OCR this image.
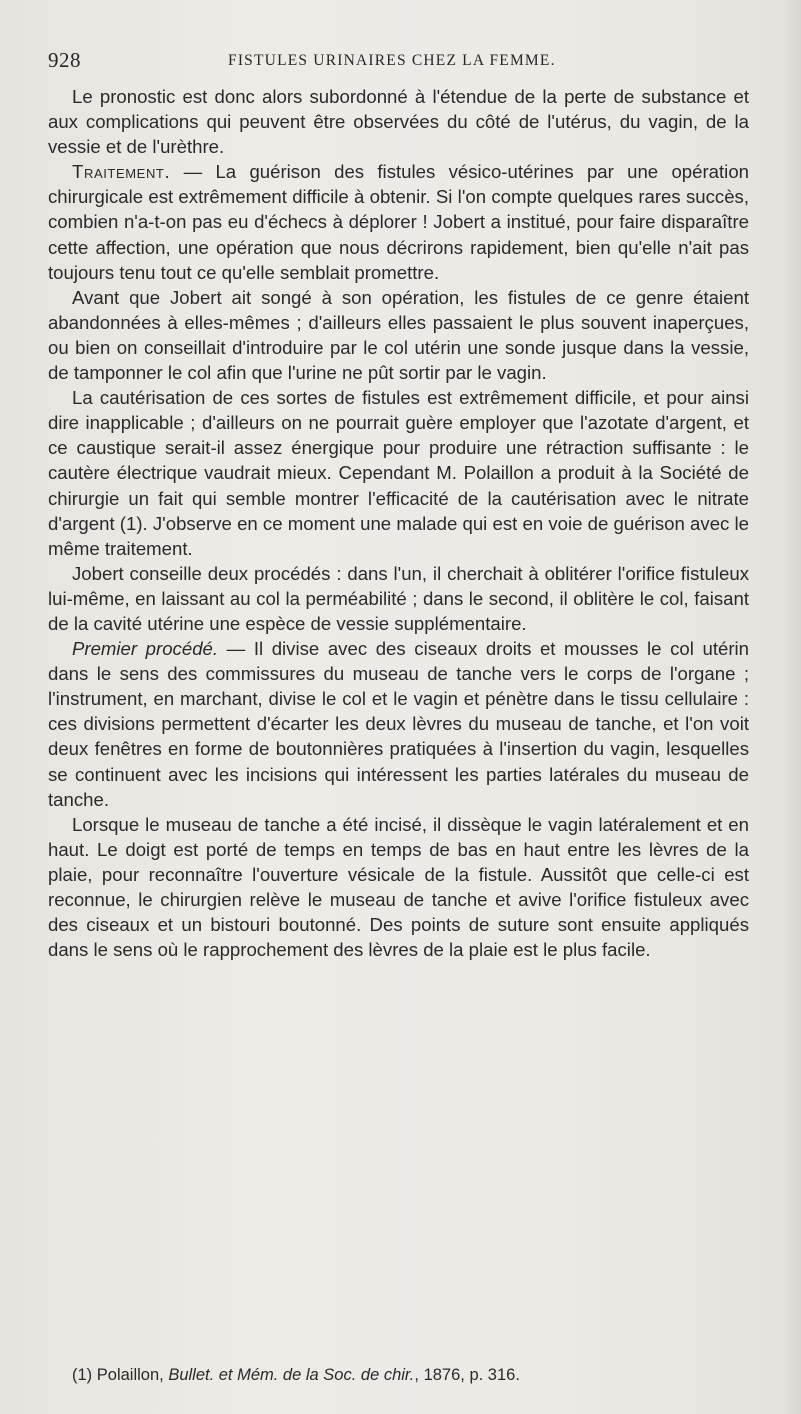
928	FISTULES URINAIRES CHEZ LA FEMME.

Le pronostic est donc alors subordonné à l'étendue de la perte de substance et aux complications qui peuvent être observées du côté de l'utérus, du vagin, de la vessie et de l'urèthre.

Traitement. — La guérison des fistules vésico-utérines par une opération chirurgicale est extrêmement difficile à obtenir. Si l'on compte quelques rares succès, combien n'a-t-on pas eu d'échecs à déplorer ! Jobert a institué, pour faire disparaître cette affection, une opération que nous décrirons rapidement, bien qu'elle n'ait pas toujours tenu tout ce qu'elle semblait promettre.

Avant que Jobert ait songé à son opération, les fistules de ce genre étaient abandonnées à elles-mêmes ; d'ailleurs elles passaient le plus souvent inaperçues, ou bien on conseillait d'introduire par le col utérin une sonde jusque dans la vessie, de tamponner le col afin que l'urine ne pût sortir par le vagin.

La cautérisation de ces sortes de fistules est extrêmement difficile, et pour ainsi dire inapplicable ; d'ailleurs on ne pourrait guère employer que l'azotate d'argent, et ce caustique serait-il assez énergique pour produire une rétraction suffisante : le cautère électrique vaudrait mieux. Cependant M. Polaillon a produit à la Société de chirurgie un fait qui semble montrer l'efficacité de la cautérisation avec le nitrate d'argent (1). J'observe en ce moment une malade qui est en voie de guérison avec le même traitement.

Jobert conseille deux procédés : dans l'un, il cherchait à oblitérer l'orifice fistuleux lui-même, en laissant au col la perméabilité ; dans le second, il oblitère le col, faisant de la cavité utérine une espèce de vessie supplémentaire.

Premier procédé. — Il divise avec des ciseaux droits et mousses le col utérin dans le sens des commissures du museau de tanche vers le corps de l'organe ; l'instrument, en marchant, divise le col et le vagin et pénètre dans le tissu cellulaire : ces divisions permettent d'écarter les deux lèvres du museau de tanche, et l'on voit deux fenêtres en forme de boutonnières pratiquées à l'insertion du vagin, lesquelles se continuent avec les incisions qui intéressent les parties latérales du museau de tanche.

Lorsque le museau de tanche a été incisé, il dissèque le vagin latéralement et en haut. Le doigt est porté de temps en temps de bas en haut entre les lèvres de la plaie, pour reconnaître l'ouverture vésicale de la fistule. Aussitôt que celle-ci est reconnue, le chirurgien relève le museau de tanche et avive l'orifice fistuleux avec des ciseaux et un bistouri boutonné. Des points de suture sont ensuite appliqués dans le sens où le rapprochement des lèvres de la plaie est le plus facile.

(1) Polaillon, Bullet. et Mém. de la Soc. de chir., 1876, p. 316.
